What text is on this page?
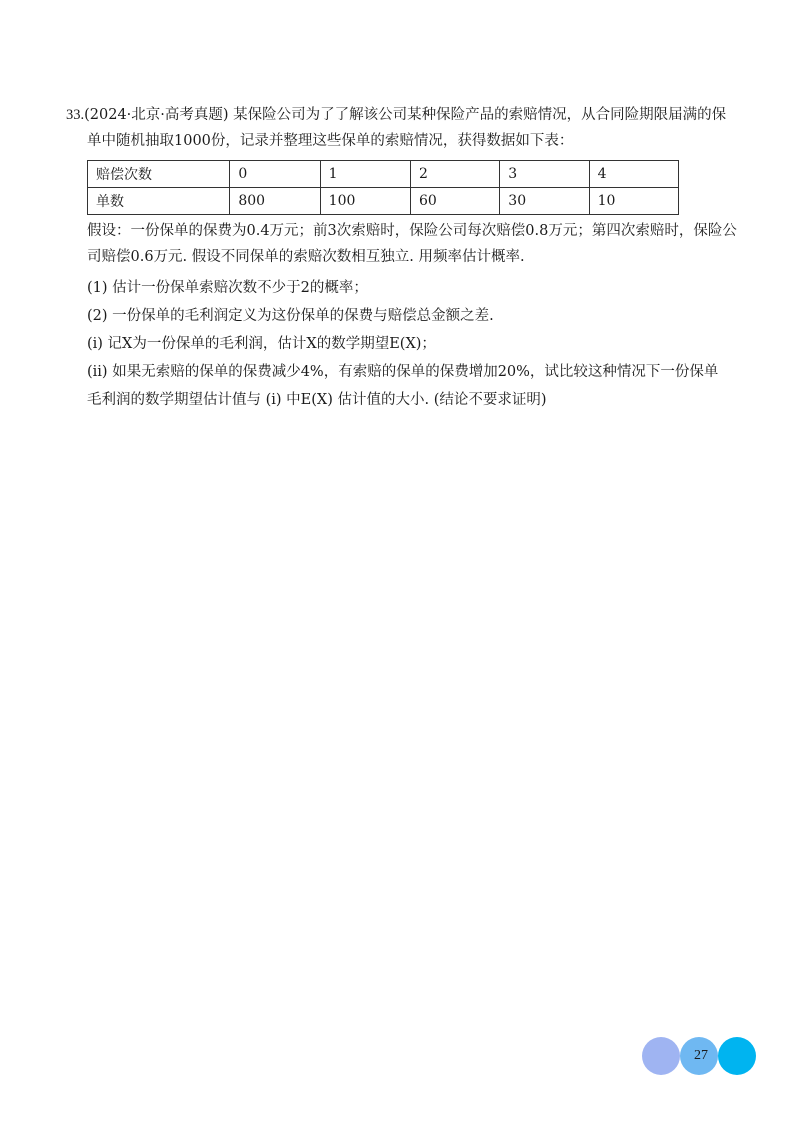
33.(2024·北京·高考真题) 某保险公司为了了解该公司某种保险产品的索赔情况，从合同险期限届满的保
单中随机抽取1000份，记录并整理这些保单的索赔情况，获得数据如下表：
赔偿次数	0	1	2	3	4
单数	800	100	60	30	10
假设：一份保单的保费为0.4万元；前3次索赔时，保险公司每次赔偿0.8万元；第四次索赔时，保险公
司赔偿0.6万元. 假设不同保单的索赔次数相互独立. 用频率估计概率.
(1) 估计一份保单索赔次数不少于2的概率；
(2) 一份保单的毛利润定义为这份保单的保费与赔偿总金额之差.
(i) 记X为一份保单的毛利润，估计X的数学期望E(X)；
(ⅱ) 如果无索赔的保单的保费减少4%，有索赔的保单的保费增加20%，试比较这种情况下一份保单
毛利润的数学期望估计值与 (i) 中E(X) 估计值的大小. (结论不要求证明)
27
